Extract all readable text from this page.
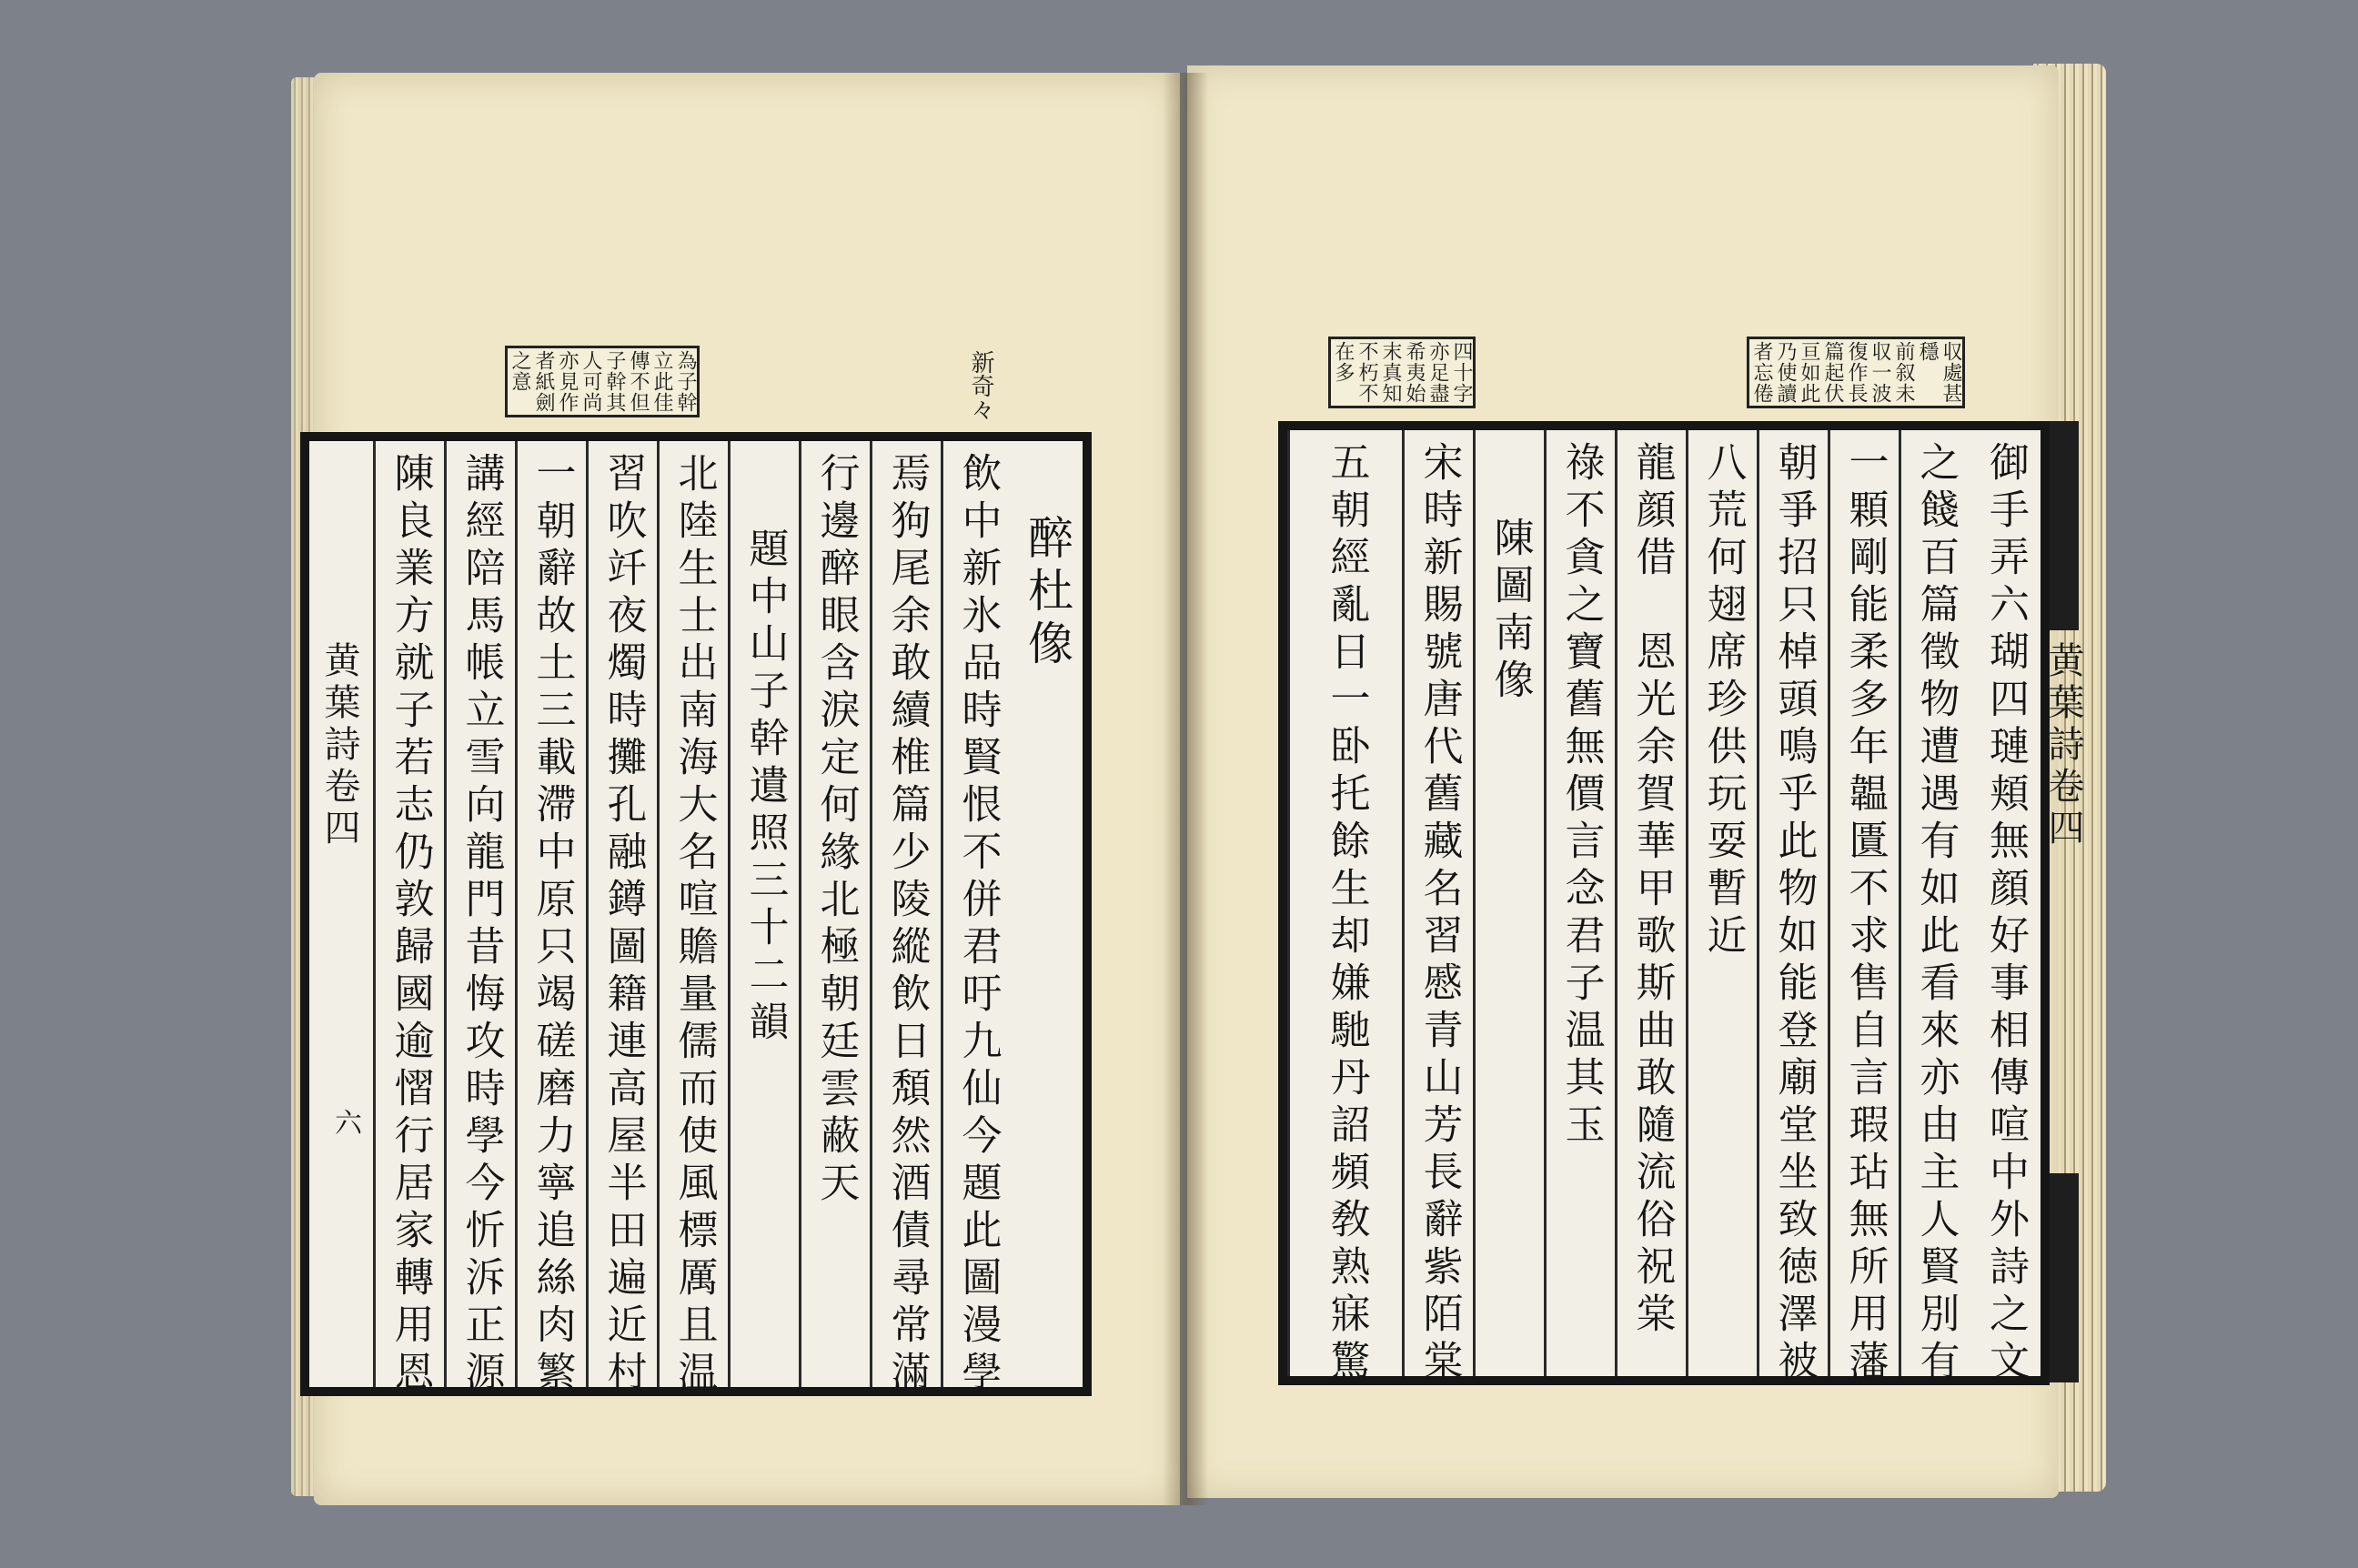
為子幹
立此佳
傳不但
子幹其
人可尚
亦見作
者紙劍
之意	新奇々
醉杜像
飲中新氷品時賢恨不併君吁九仙今題此圖漫學
焉狗尾余敢續椎篇少陵縱飲日頽然酒債尋常滿
行邊醉眼含淚定何緣北極朝廷雲蔽天
題中山子幹遺照三十二韻
北陸生士出南海大名喧贍量儒而使風標厲且温
習吹竏夜燭時攤孔融鐏圖籍連高屋半田遍近村
一朝辭故土三載滯中原只竭磋磨力寧追絲肉繁
講經陪馬帳立雪向龍門昔悔攻時學今忻泝正源
陳良業方就子若志仍敦歸國逾慴行居家轉用恩
黄葉詩卷四
六
四十字
亦足盡
希夷始
末真知
不朽不
在多	収處甚
穩
前叙未
収一波
復作長
篇起伏
亘如此
乃使讀
者忘倦
御手弄六瑚四璉頬無顔好事相傳喧中外詩之文
之餞百篇徵物遭遇有如此看來亦由主人賢別有
一顆剛能柔多年韞匱不求售自言瑕玷無所用藩
朝爭招只棹頭鳴乎此物如能登廟堂坐致徳澤被
八荒何翅席珍供玩耍暫近
龍顔借　恩光余賀華甲歌斯曲敢隨流俗祝棠
祿不貪之寶舊無價言念君子温其玉
陳圖南像
宋時新賜號唐代舊藏名習慼青山芳長辭紫陌棠
五朝經亂日一卧托餘生却嫌馳丹詔頻敎熟寐驚	黄葉詩卷四
